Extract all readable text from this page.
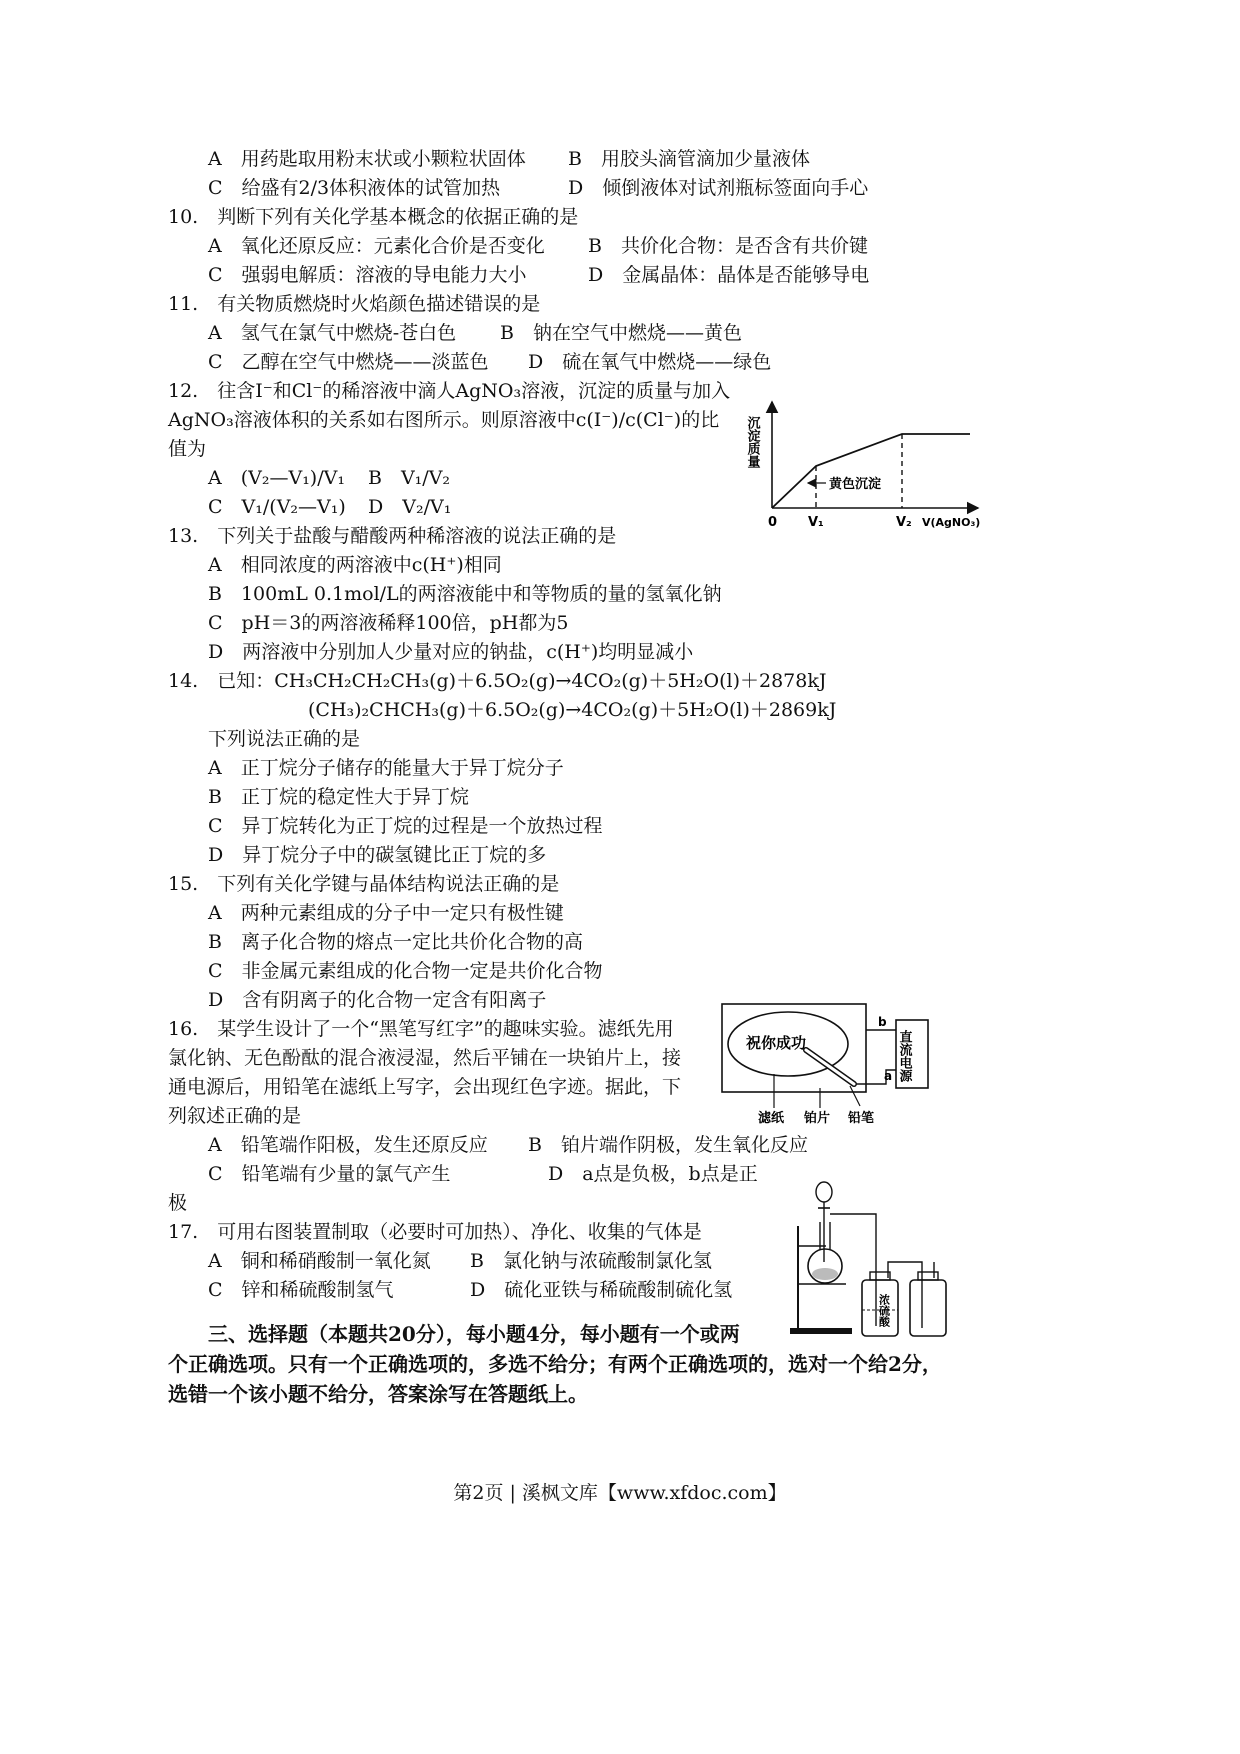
A　用药匙取用粉末状或小颗粒状固体 B　用胶头滴管滴加少量液体
C　给盛有2/3体积液体的试管加热	D　倾倒液体对试剂瓶标签面向手心
10.　判断下列有关化学基本概念的依据正确的是
A　氧化还原反应：元素化合价是否变化 B　共价化合物：是否含有共价键
C　强弱电解质：溶液的导电能力大小	D　金属晶体：晶体是否能够导电
11.　有关物质燃烧时火焰颜色描述错误的是
A　氢气在氯气中燃烧-苍白色 B　钠在空气中燃烧——黄色
C　乙醇在空气中燃烧——淡蓝色 D　硫在氧气中燃烧——绿色
12.　往含I⁻和Cl⁻的稀溶液中滴人AgNO₃溶液，沉淀的质量与加入
AgNO₃溶液体积的关系如右图所示。则原溶液中c(I⁻)/c(Cl⁻)的比
值为
A　(V₂—V₁)/V₁ B　V₁/V₂
C　V₁/(V₂—V₁) D　V₂/V₁
沉淀质量
黄色沉淀
0 V₁	V₂ V(AgNO₃)
13.　下列关于盐酸与醋酸两种稀溶液的说法正确的是
A　相同浓度的两溶液中c(H⁺)相同
B　100mL 0.1mol/L的两溶液能中和等物质的量的氢氧化钠
C　pH＝3的两溶液稀释100倍，pH都为5
D　两溶液中分别加人少量对应的钠盐，c(H⁺)均明显减小
14.　已知：CH₃CH₂CH₂CH₃(g)＋6.5O₂(g)→4CO₂(g)＋5H₂O(l)＋2878kJ
(CH₃)₂CHCH₃(g)＋6.5O₂(g)→4CO₂(g)＋5H₂O(l)＋2869kJ
下列说法正确的是
A　正丁烷分子储存的能量大于异丁烷分子
B　正丁烷的稳定性大于异丁烷
C　异丁烷转化为正丁烷的过程是一个放热过程
D　异丁烷分子中的碳氢键比正丁烷的多
15.　下列有关化学键与晶体结构说法正确的是
A　两种元素组成的分子中一定只有极性键
B　离子化合物的熔点一定比共价化合物的高
C　非金属元素组成的化合物一定是共价化合物
D　含有阴离子的化合物一定含有阳离子
16.　某学生设计了一个“黑笔写红字”的趣味实验。滤纸先用
氯化钠、无色酚酞的混合液浸湿，然后平铺在一块铂片上，接
通电源后，用铅笔在滤纸上写字，会出现红色字迹。据此，下
列叙述正确的是
A　铅笔端作阳极，发生还原反应 B　铂片端作阴极，发生氧化反应
C　铅笔端有少量的氯气产生	D　a点是负极，b点是正
极
祝你成功	直流电源
b
a
滤纸 铂片 铅笔
17.　可用右图装置制取（必要时可加热）、净化、收集的气体是
A　铜和稀硝酸制一氧化氮 B　氯化钠与浓硫酸制氯化氢
C　锌和稀硫酸制氢气	D　硫化亚铁与稀硫酸制硫化氢
浓硫酸
三、选择题（本题共20分），每小题4分，每小题有一个或两
个正确选项。只有一个正确选项的，多选不给分；有两个正确选项的，选对一个给2分，
选错一个该小题不给分，答案涂写在答题纸上。
第2页 | 溪枫文库【www.xfdoc.com】
